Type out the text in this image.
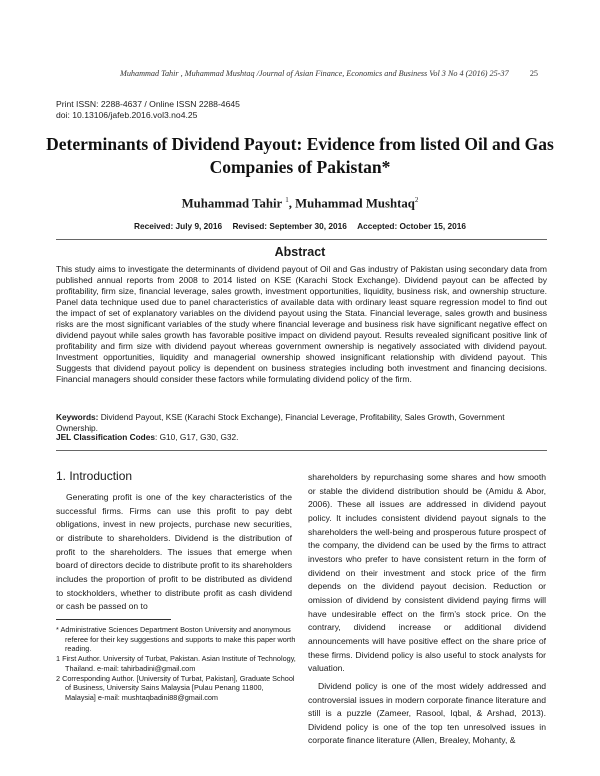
Muhammad Tahir , Muhammad Mushtaq /Journal of Asian Finance, Economics and Business Vol 3 No 4 (2016) 25-37	25
Print ISSN: 2288-4637 / Online ISSN 2288-4645
doi: 10.13106/jafeb.2016.vol3.no4.25
Determinants of Dividend Payout: Evidence from listed Oil and Gas
Companies of Pakistan*
Muhammad Tahir $^1$, Muhammad Mushtaq$^2$
Received: July 9, 2016 Revised: September 30, 2016 Accepted: October 15, 2016
Abstract
This study aims to investigate the determinants of dividend payout of Oil and Gas industry of Pakistan using secondary data from published annual reports from 2008 to 2014 listed on KSE (Karachi Stock Exchange). Dividend payout can be affected by profitability, firm size, financial leverage, sales growth, investment opportunities, liquidity, business risk, and ownership structure. Panel data technique used due to panel characteristics of available data with ordinary least square regression model to find out the impact of set of explanatory variables on the dividend payout using the Stata. Financial leverage, sales growth and business risks are the most significant variables of the study where financial leverage and business risk have significant negative effect on dividend payout while sales growth has favorable positive impact on dividend payout. Results revealed significant positive link of profitability and firm size with dividend payout whereas government ownership is negatively associated with dividend payout. Investment opportunities, liquidity and managerial ownership showed insignificant relationship with dividend payout. This Suggests that dividend payout policy is dependent on business strategies including both investment and financing decisions. Financial managers should consider these factors while formulating dividend policy of the firm.
Keywords: Dividend Payout, KSE (Karachi Stock Exchange), Financial Leverage, Profitability, Sales Growth, Government Ownership.
JEL Classification Codes: G10, G17, G30, G32.
1. Introduction

Generating profit is one of the key characteristics of the successful firms. Firms can use this profit to pay debt obligations, invest in new projects, purchase new securities, or distribute to shareholders. Dividend is the distribution of profit to the shareholders. The issues that emerge when board of directors decide to distribute profit to its shareholders includes the proportion of profit to be distributed as dividend to stockholders, whether to distribute profit as cash dividend or cash be passed on to

shareholders by repurchasing some shares and how smooth or stable the dividend distribution should be (Amidu & Abor, 2006). These all issues are addressed in dividend payout policy. It includes consistent dividend payout signals to the shareholders the well-being and prosperous future prospect of the company, the dividend can be used by the firms to attract investors who prefer to have consistent return in the form of dividend on their investment and stock price of the firm depends on the dividend payout decision. Reduction or omission of dividend by consistent dividend paying firms will have undesirable effect on the firm’s stock price. On the contrary, dividend increase or additional dividend announcements will have positive effect on the share price of these firms. Dividend policy is also useful to stock analysts for valuation.

Dividend policy is one of the most widely addressed and controversial issues in modern corporate finance literature and still is a puzzle (Zameer, Rasool, Iqbal, & Arshad, 2013). Dividend policy is one of the top ten unresolved issues in corporate finance literature (Allen, Brealey, Mohanty, &

* Administrative Sciences Department Boston University and anonymous referee for their key suggestions and supports to make this paper worth reading.

1 First Author. University of Turbat, Pakistan. Asian Institute of Technology, Thailand. e-mail: tahirbadini@gmail.com

2 Corresponding Author. [University of Turbat, Pakistan], Graduate School of Business, University Sains Malaysia [Pulau Penang 11800, Malaysia] e-mail: mushtaqbadini88@gmail.com
